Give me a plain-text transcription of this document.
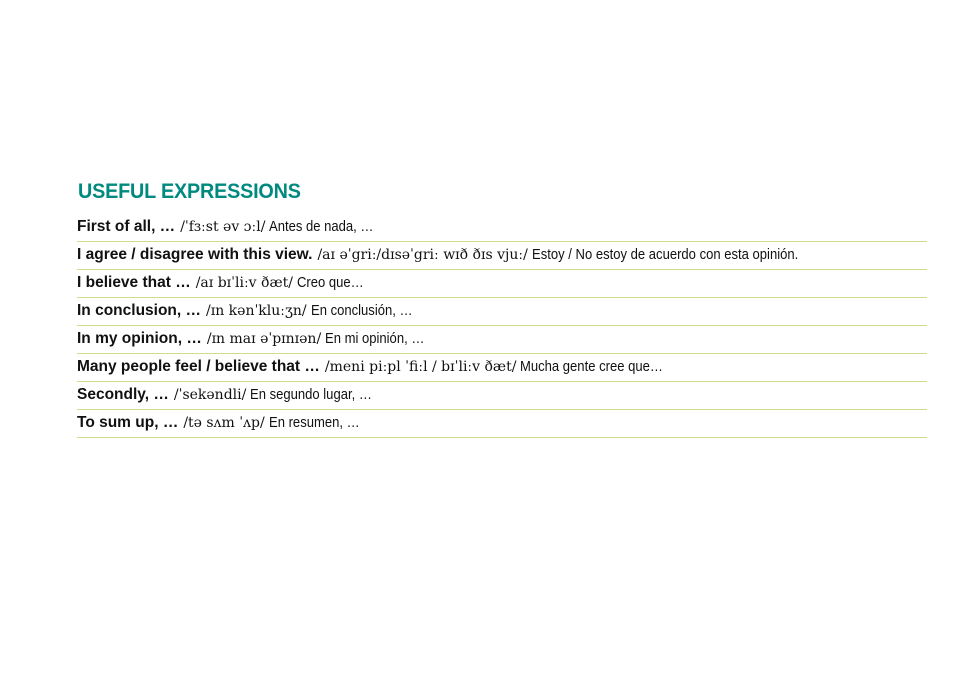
USEFUL EXPRESSIONS
First of all, … /ˈfɜːst əv ɔːl/ Antes de nada, …
I agree / disagree with this view. /aɪ əˈgriː/dɪsəˈgriː wɪð ðɪs vjuː/ Estoy / No estoy de acuerdo con esta opinión.
I believe that … /aɪ bɪˈliːv ðæt/ Creo que…
In conclusion, … /ɪn kənˈkluːʒn/ En conclusión, …
In my opinion, … /ɪn maɪ əˈpɪnɪən/ En mi opinión, …
Many people feel / believe that … /meni piːpl ˈfiːl / bɪˈliːv ðæt/ Mucha gente cree que…
Secondly, … /ˈsekəndli/ En segundo lugar, …
To sum up, … /tə sʌm ˈʌp/ En resumen, …
